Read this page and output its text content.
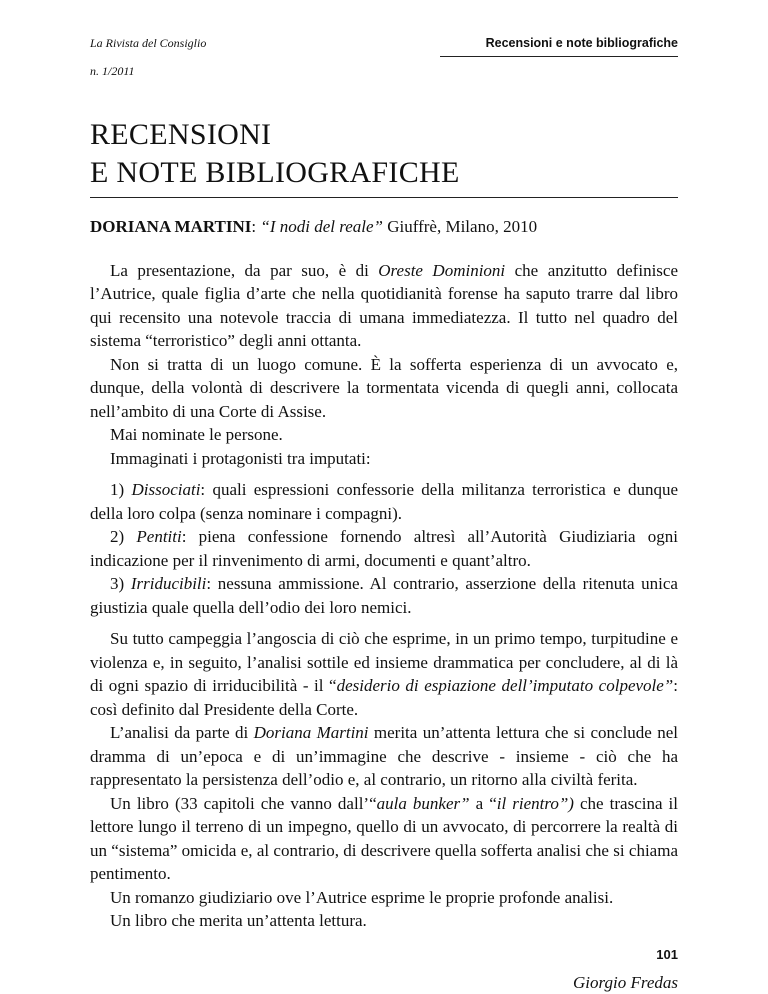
La Rivista del Consiglio
n. 1/2011
Recensioni e note bibliografiche
RECENSIONI
E NOTE BIBLIOGRAFICHE
DORIANA MARTINI: “I nodi del reale” Giuffrè, Milano, 2010

La presentazione, da par suo, è di Oreste Dominioni che anzitutto definisce l’Autrice, quale figlia d’arte che nella quotidianità forense ha saputo trarre dal libro qui recensito una notevole traccia di umana immediatezza. Il tutto nel quadro del sistema “terroristico” degli anni ottanta.

Non si tratta di un luogo comune. È la sofferta esperienza di un avvocato e, dunque, della volontà di descrivere la tormentata vicenda di quegli anni, collocata nell’ambito di una Corte di Assise.

Mai nominate le persone.

Immaginati i protagonisti tra imputati:

1) Dissociati: quali espressioni confessorie della militanza terroristica e dunque della loro colpa (senza nominare i compagni).

2) Pentiti: piena confessione fornendo altresì all’Autorità Giudiziaria ogni indicazione per il rinvenimento di armi, documenti e quant’altro.

3) Irriducibili: nessuna ammissione. Al contrario, asserzione della ritenuta unica giustizia quale quella dell’odio dei loro nemici.

Su tutto campeggia l’angoscia di ciò che esprime, in un primo tempo, turpitudine e violenza e, in seguito, l’analisi sottile ed insieme drammatica per concludere, al di là di ogni spazio di irriducibilità - il “desiderio di espiazione dell’imputato colpevole”: così definito dal Presidente della Corte.

L’analisi da parte di Doriana Martini merita un’attenta lettura che si conclude nel dramma di un’epoca e di un’immagine che descrive - insieme - ciò che ha rappresentato la persistenza dell’odio e, al contrario, un ritorno alla civiltà ferita.

Un libro (33 capitoli che vanno dall’“aula bunker” a “il rientro”) che trascina il lettore lungo il terreno di un impegno, quello di un avvocato, di percorrere la realtà di un “sistema” omicida e, al contrario, di descrivere quella sofferta analisi che si chiama pentimento.

Un romanzo giudiziario ove l’Autrice esprime le proprie profonde analisi.

Un libro che merita un’attenta lettura.

Giorgio Fredas
101
